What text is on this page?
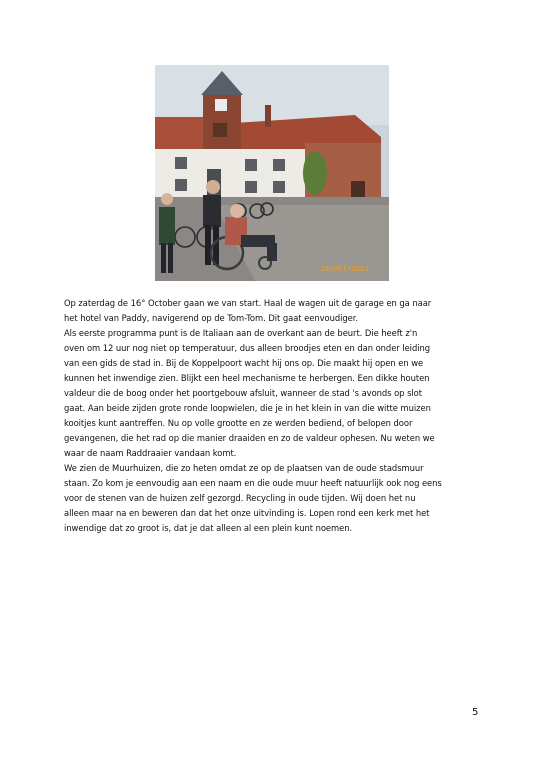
16/OKT/2021
Op zaterdag de 16° October gaan we van start. Haal de wagen uit de garage en ga naar
het hotel van Paddy, navigerend op de Tom-Tom. Dit gaat eenvoudiger.
Als eerste programma punt is de Italiaan aan de overkant aan de beurt. Die heeft z'n
oven om 12 uur nog niet op temperatuur, dus alleen broodjes eten en dan onder leiding
van een gids de stad in. Bij de Koppelpoort wacht hij ons op. Die maakt hij open en we
kunnen het inwendige zien. Blijkt een heel mechanisme te herbergen. Een dikke houten
valdeur die de boog onder het poortgebouw afsluit, wanneer de stad 's avonds op slot
gaat. Aan beide zijden grote ronde loopwielen, die je in het klein in van die witte muizen
kooitjes kunt aantreffen. Nu op volle grootte en ze werden bediend, of belopen door
gevangenen, die het rad op die manier draaiden en zo de valdeur ophesen. Nu weten we
waar de naam Raddraaier vandaan komt.
We zien de Muurhuizen, die zo heten omdat ze op de plaatsen van de oude stadsmuur
staan. Zo kom je eenvoudig aan een naam en die oude muur heeft natuurlijk ook nog eens
voor de stenen van de huizen zelf gezorgd. Recycling in oude tijden. Wij doen het nu
alleen maar na en beweren dan dat het onze uitvinding is. Lopen rond een kerk met het
inwendige dat zo groot is, dat je dat alleen al een plein kunt noemen.
5
